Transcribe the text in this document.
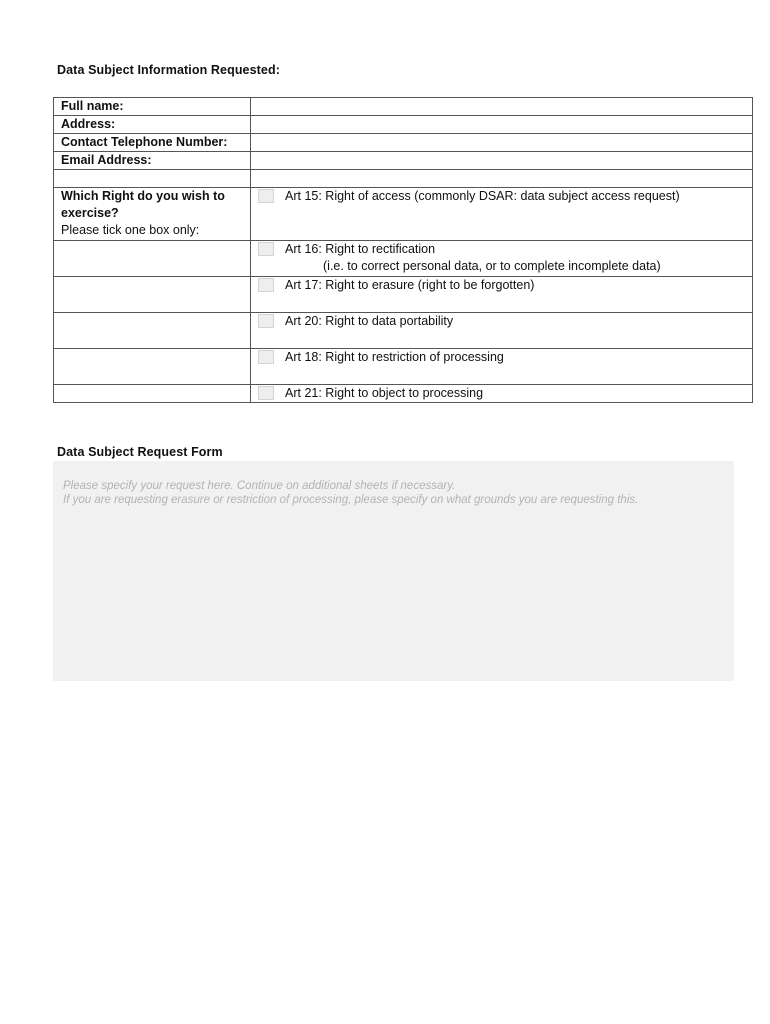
Data Subject Information Requested:
Full name:	
Address:	
Contact Telephone Number:	
Email Address:	

Which Right do you wish to exercise?
Please tick one box only:	Art 15: Right of access (commonly DSAR: data subject access request)

Art 16: Right to rectification
(i.e. to correct personal data, or to complete incomplete data)

Art 17: Right to erasure (right to be forgotten)

Art 20: Right to data portability

Art 18: Right to restriction of processing

Art 21: Right to object to processing
Data Subject Request Form
Please specify your request here. Continue on additional sheets if necessary.
If you are requesting erasure or restriction of processing, please specify on what grounds you are requesting this.
